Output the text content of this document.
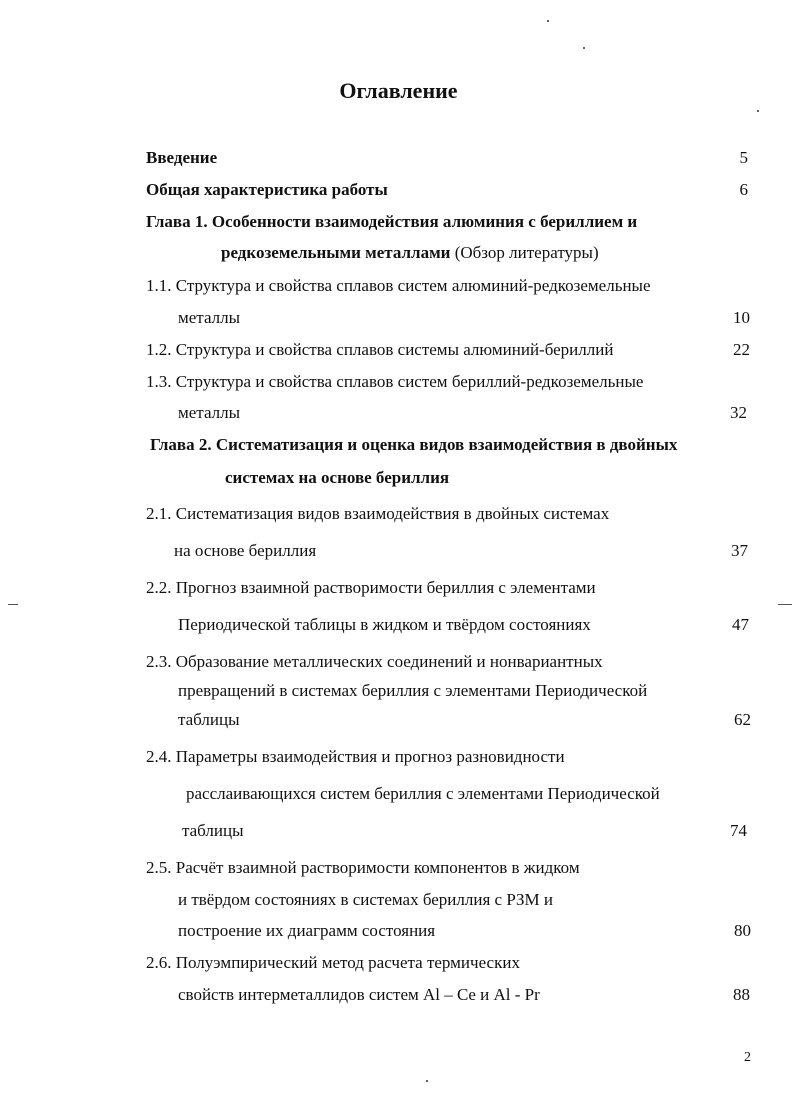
Оглавление
Введение	5
Общая характеристика работы	6
Глава 1. Особенности взаимодействия алюминия с бериллием и
редкоземельными металлами (Обзор литературы)
1.1. Структура и свойства сплавов систем алюминий-редкоземельные
металлы	10
1.2. Структура и свойства сплавов системы алюминий-бериллий	22
1.3. Структура и свойства сплавов систем бериллий-редкоземельные
металлы	32
Глава 2. Систематизация и оценка видов взаимодействия в двойных
системах на основе бериллия
2.1. Систематизация видов взаимодействия в двойных системах
на основе бериллия	37
2.2. Прогноз взаимной растворимости бериллия с элементами
Периодической таблицы в жидком и твёрдом состояниях	47
2.3. Образование металлических соединений и нонвариантных
превращений в системах бериллия с элементами Периодической
таблицы	62
2.4. Параметры взаимодействия и прогноз разновидности
расслаивающихся систем бериллия с элементами Периодической
таблицы	74
2.5. Расчёт взаимной растворимости компонентов в жидком
и твёрдом состояниях в системах бериллия с РЗМ и
построение их диаграмм состояния	80
2.6. Полуэмпирический метод расчета термических
свойств интерметаллидов систем Al – Ce и Al - Pr	88
2
